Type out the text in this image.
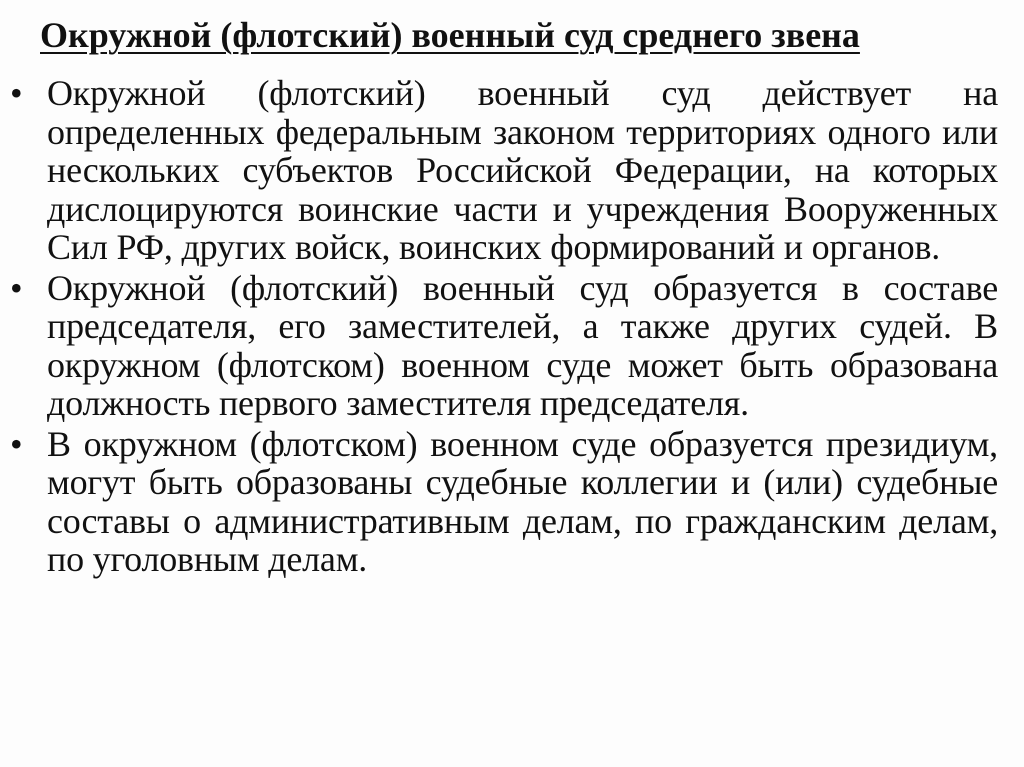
Окружной (флотский) военный суд среднего звена
• Окружной (флотский) военный суд действует на определенных федеральным законом территориях одного или нескольких субъектов Российской Федерации, на которых дислоцируются воинские части и учреждения Вооруженных Сил РФ, других войск, воинских формирований и органов.
• Окружной (флотский) военный суд образуется в составе председателя, его заместителей, а также других судей. В окружном (флотском) военном суде может быть образована должность первого заместителя председателя.
• В окружном (флотском) военном суде образуется президиум, могут быть образованы судебные коллегии и (или) судебные составы о административным делам, по гражданским делам, по уголовным делам.
